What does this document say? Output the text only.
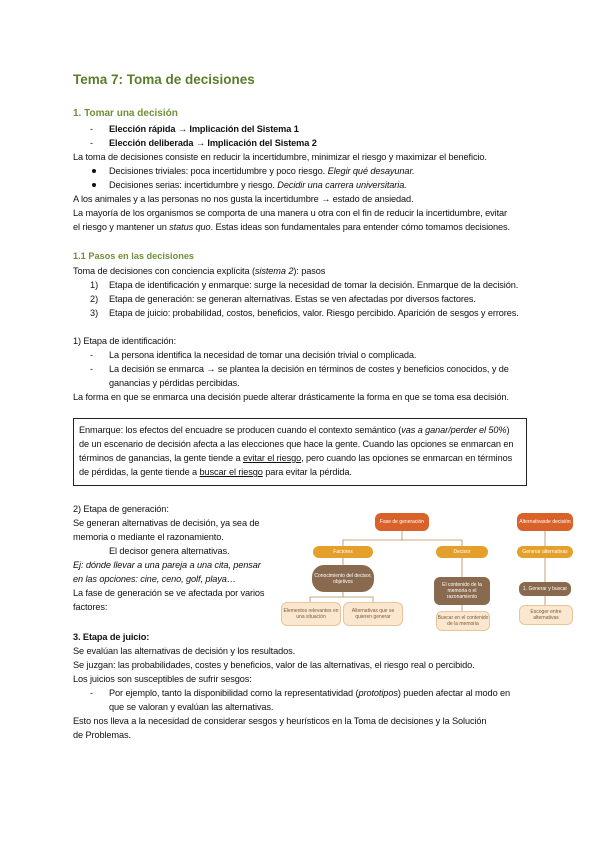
Tema 7: Toma de decisiones
1. Tomar una decisión
- Elección rápida → Implicación del Sistema 1
- Elección deliberada → Implicación del Sistema 2
La toma de decisiones consiste en reducir la incertidumbre, minimizar el riesgo y maximizar el beneficio.
Decisiones triviales: poca incertidumbre y poco riesgo. Elegir qué desayunar.
Decisiones serias: incertidumbre y riesgo. Decidir una carrera universitaria.
A los animales y a las personas no nos gusta la incertidumbre → estado de ansiedad.
La mayoría de los organismos se comporta de una manera u otra con el fin de reducir la incertidumbre, evitar
el riesgo y mantener un status quo. Estas ideas son fundamentales para entender cómo tomamos decisiones.
1.1 Pasos en las decisiones
Toma de decisiones con conciencia explícita (sistema 2): pasos
1) Etapa de identificación y enmarque: surge la necesidad de tomar la decisión. Enmarque de la decisión.
2) Etapa de generación: se generan alternativas. Estas se ven afectadas por diversos factores.
3) Etapa de juicio: probabilidad, costos, beneficios, valor. Riesgo percibido. Aparición de sesgos y errores.
1) Etapa de identificación:
- La persona identifica la necesidad de tomar una decisión trivial o complicada.
- La decisión se enmarca → se plantea la decisión en términos de costes y beneficios conocidos, y de
ganancias y pérdidas percibidas.
La forma en que se enmarca una decisión puede alterar drásticamente la forma en que se toma esa decisión.
Enmarque: los efectos del encuadre se producen cuando el contexto semántico (vas a ganar/perder el 50%)
de un escenario de decisión afecta a las elecciones que hace la gente. Cuando las opciones se enmarcan en
términos de ganancias, la gente tiende a evitar el riesgo, pero cuando las opciones se enmarcan en términos
de pérdidas, la gente tiende a buscar el riesgo para evitar la pérdida.
2) Etapa de generación:
Se generan alternativas de decisión, ya sea de
memoria o mediante el razonamiento.
El decisor genera alternativas.
Ej: dónde llevar a una pareja a una cita, pensar
en las opciones: cine, ceno, golf, playa…
La fase de generación se ve afectada por varios
factores:
Fase de generación	Alternativas de decisión
Factores	Decisor	Generar alternativas
Conocimiento del decisor, objetivos
El contenido de la memoria o el razonamiento
1. Generar y buscar
Elementos relevantes en una situación
Alternativas que se quieren generar	Buscar en el contenido de la memoria
Escoger entre alternativas
3. Etapa de juicio:
Se evalúan las alternativas de decisión y los resultados.
Se juzgan: las probabilidades, costes y beneficios, valor de las alternativas, el riesgo real o percibido.
Los juicios son susceptibles de sufrir sesgos:
- Por ejemplo, tanto la disponibilidad como la representatividad (prototipos) pueden afectar al modo en
que se valoran y evalúan las alternativas.
Esto nos lleva a la necesidad de considerar sesgos y heurísticos en la Toma de decisiones y la Solución
de Problemas.
